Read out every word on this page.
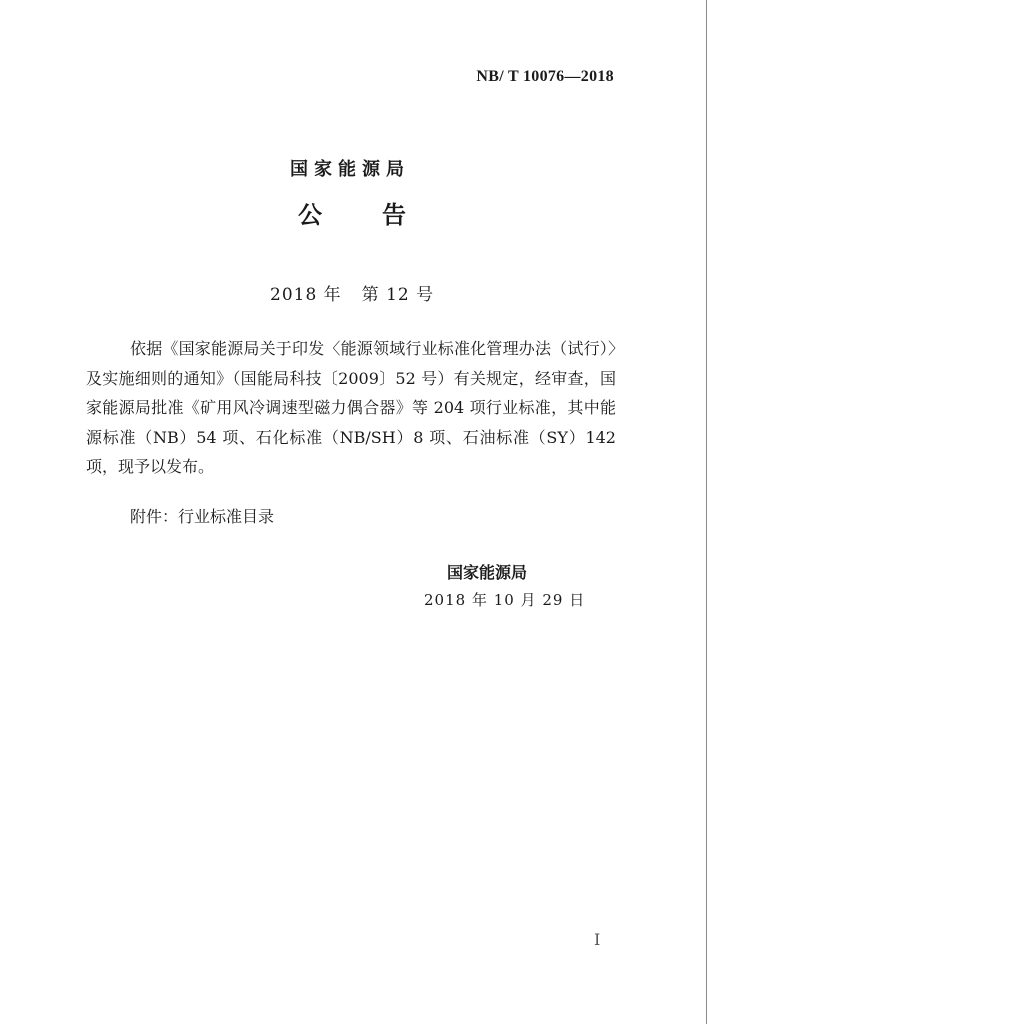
NB/ T 10076—2018
国家能源局
公	告
2018 年 第 12 号

依据《国家能源局关于印发〈能源领域行业标准化管理办法（试行）〉及实施细则的通知》（国能局科技〔2009〕52 号）有关规定，经审查，国家能源局批准《矿用风冷调速型磁力偶合器》等 204 项行业标准，其中能源标准（NB）54 项、石化标准（NB/SH）8 项、石油标准（SY）142 项，现予以发布。

附件：行业标准目录
国家能源局
2018 年 10 月 29 日
I
